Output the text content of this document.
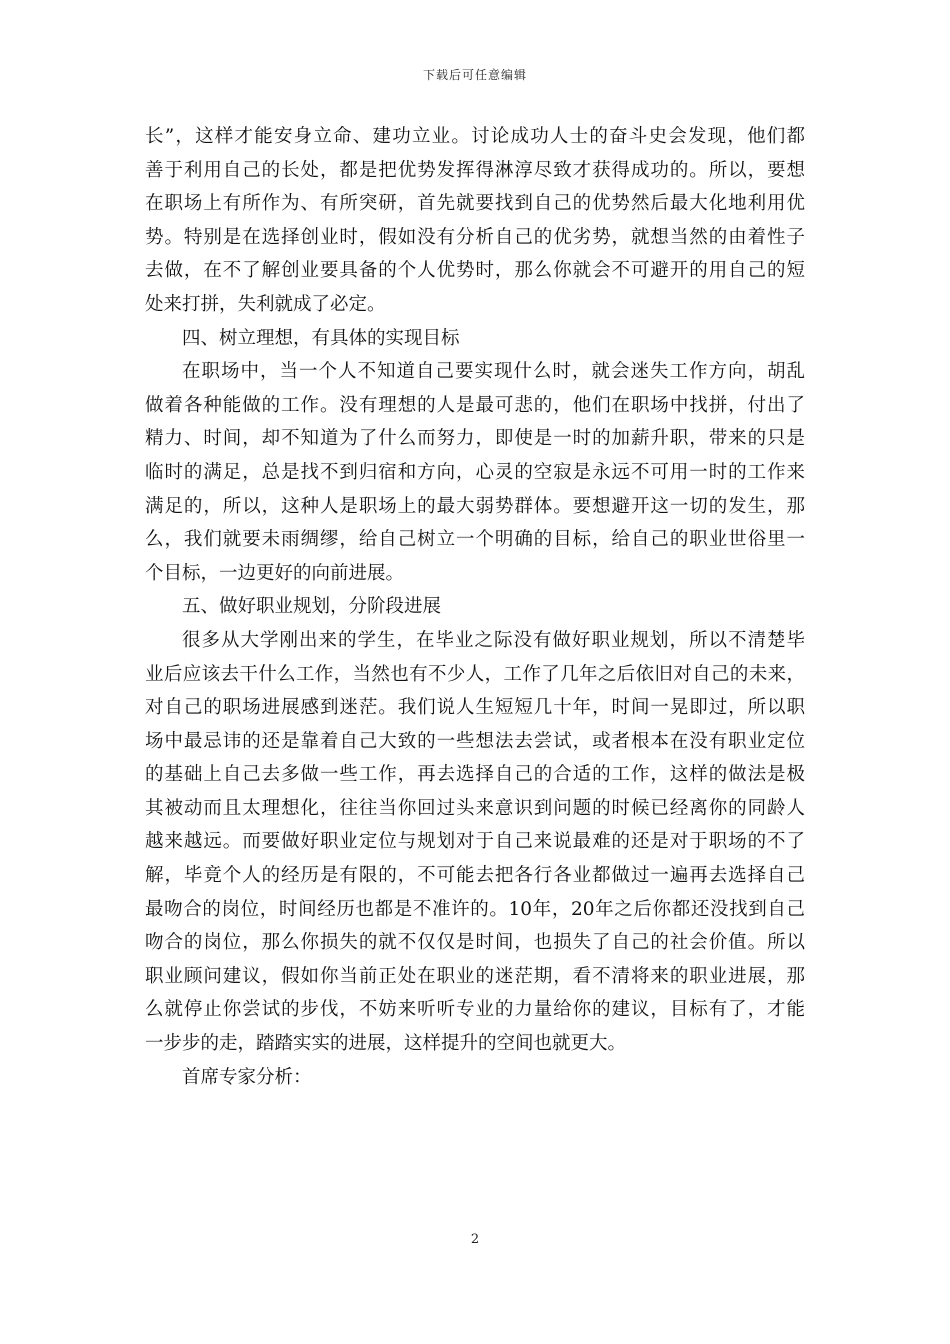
下载后可任意编辑
长”，这样才能安身立命、建功立业。讨论成功人士的奋斗史会发现，他们都
善于利用自己的长处，都是把优势发挥得淋淳尽致才获得成功的。所以，要想
在职场上有所作为、有所突研，首先就要找到自己的优势然后最大化地利用优
势。特别是在选择创业时，假如没有分析自己的优劣势，就想当然的由着性子
去做，在不了解创业要具备的个人优势时，那么你就会不可避开的用自己的短
处来打拼，失利就成了必定。
四、树立理想，有具体的实现目标
在职场中，当一个人不知道自己要实现什么时，就会迷失工作方向，胡乱
做着各种能做的工作。没有理想的人是最可悲的，他们在职场中找拼，付出了
精力、时间，却不知道为了什么而努力，即使是一时的加薪升职，带来的只是
临时的满足，总是找不到归宿和方向，心灵的空寂是永远不可用一时的工作来
满足的，所以，这种人是职场上的最大弱势群体。要想避开这一切的发生，那
么，我们就要未雨绸缪，给自己树立一个明确的目标，给自己的职业世俗里一
个目标，一边更好的向前进展。
五、做好职业规划，分阶段进展
很多从大学刚出来的学生，在毕业之际没有做好职业规划，所以不清楚毕
业后应该去干什么工作，当然也有不少人，工作了几年之后依旧对自己的未来，
对自己的职场进展感到迷茫。我们说人生短短几十年，时间一晃即过，所以职
场中最忌讳的还是靠着自己大致的一些想法去尝试，或者根本在没有职业定位
的基础上自己去多做一些工作，再去选择自己的合适的工作，这样的做法是极
其被动而且太理想化，往往当你回过头来意识到问题的时候已经离你的同龄人
越来越远。而要做好职业定位与规划对于自己来说最难的还是对于职场的不了
解，毕竟个人的经历是有限的，不可能去把各行各业都做过一遍再去选择自己
最吻合的岗位，时间经历也都是不准许的。10年，20年之后你都还没找到自己
吻合的岗位，那么你损失的就不仅仅是时间，也损失了自己的社会价值。所以
职业顾问建议，假如你当前正处在职业的迷茫期，看不清将来的职业进展，那
么就停止你尝试的步伐，不妨来听听专业的力量给你的建议，目标有了，才能
一步步的走，踏踏实实的进展，这样提升的空间也就更大。
首席专家分析：
2
